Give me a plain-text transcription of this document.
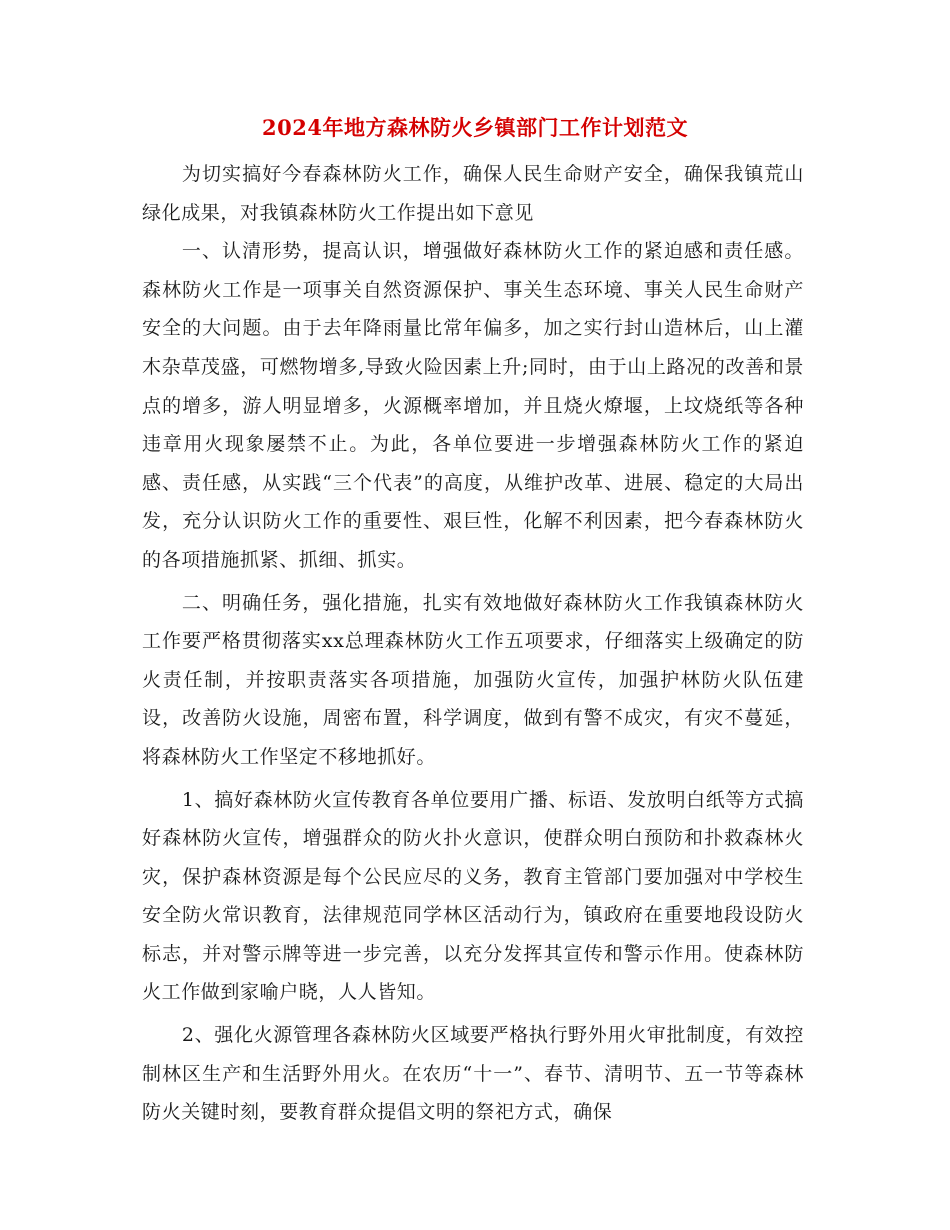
2024年地方森林防火乡镇部门工作计划范文

为切实搞好今春森林防火工作，确保人民生命财产安全，确保我镇荒山绿化成果，对我镇森林防火工作提出如下意见

一、认清形势，提高认识，增强做好森林防火工作的紧迫感和责任感。森林防火工作是一项事关自然资源保护、事关生态环境、事关人民生命财产安全的大问题。由于去年降雨量比常年偏多，加之实行封山造林后，山上灌木杂草茂盛，可燃物增多,导致火险因素上升;同时，由于山上路况的改善和景点的增多，游人明显增多，火源概率增加，并且烧火燎堰，上坟烧纸等各种违章用火现象屡禁不止。为此，各单位要进一步增强森林防火工作的紧迫感、责任感，从实践“三个代表”的高度，从维护改革、进展、稳定的大局出发，充分认识防火工作的重要性、艰巨性，化解不利因素，把今春森林防火的各项措施抓紧、抓细、抓实。

二、明确任务，强化措施，扎实有效地做好森林防火工作我镇森林防火工作要严格贯彻落实xx总理森林防火工作五项要求，仔细落实上级确定的防火责任制，并按职责落实各项措施，加强防火宣传，加强护林防火队伍建设，改善防火设施，周密布置，科学调度，做到有警不成灾，有灾不蔓延，将森林防火工作坚定不移地抓好。

1、搞好森林防火宣传教育各单位要用广播、标语、发放明白纸等方式搞好森林防火宣传，增强群众的防火扑火意识，使群众明白预防和扑救森林火灾，保护森林资源是每个公民应尽的义务，教育主管部门要加强对中学校生安全防火常识教育，法律规范同学林区活动行为，镇政府在重要地段设防火标志，并对警示牌等进一步完善，以充分发挥其宣传和警示作用。使森林防火工作做到家喻户晓，人人皆知。

2、强化火源管理各森林防火区域要严格执行野外用火审批制度，有效控制林区生产和生活野外用火。在农历“十一”、春节、清明节、五一节等森林防火关键时刻，要教育群众提倡文明的祭祀方式，确保
